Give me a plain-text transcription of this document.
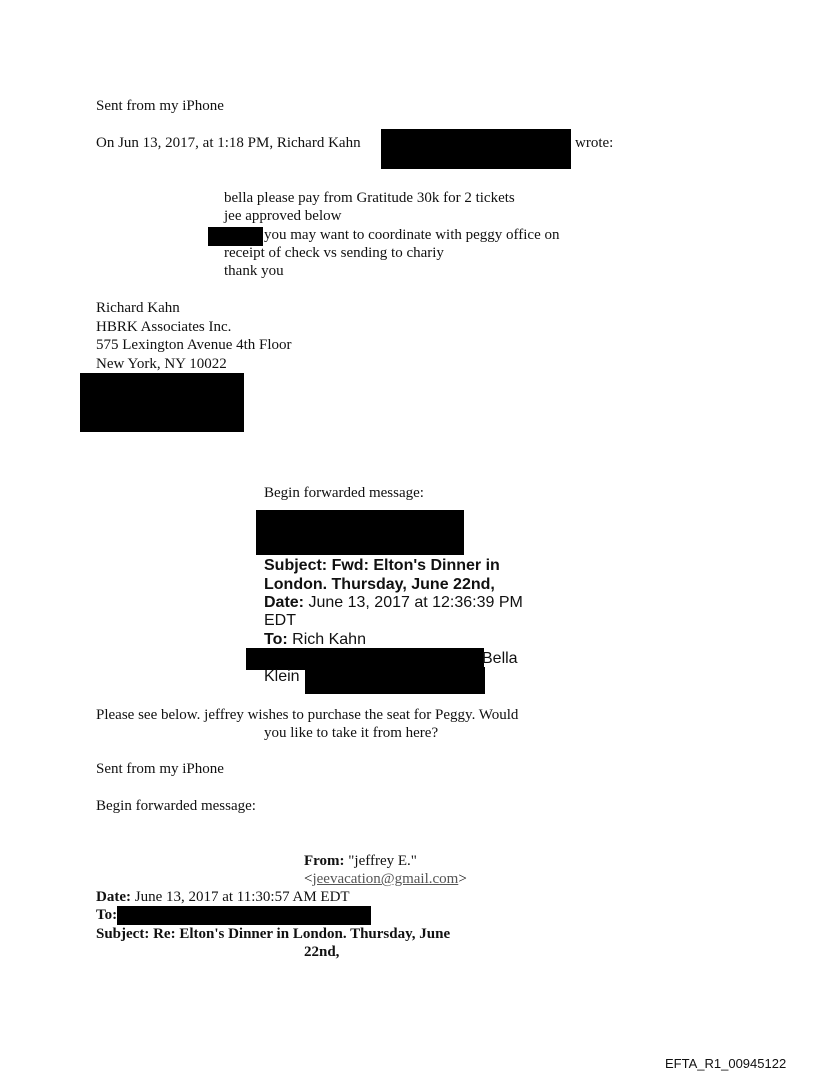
Sent from my iPhone
On Jun 13, 2017, at 1:18 PM, Richard Kahn	wrote:
bella please pay from Gratitude 30k for 2 tickets
jee approved below
you may want to coordinate with peggy office on
receipt of check vs sending to chariy
thank you
Richard Kahn
HBRK Associates Inc.
575 Lexington Avenue 4th Floor
New York, NY 10022
Begin forwarded message:
Subject: Fwd: Elton's Dinner in
London. Thursday, June 22nd,
Date: June 13, 2017 at 12:36:39 PM
EDT
To: Rich Kahn
Bella
Klein
Please see below. jeffrey wishes to purchase the seat for Peggy. Would
you like to take it from here?
Sent from my iPhone
Begin forwarded message:
From: "jeffrey E."
<jeevacation@gmail.com>
Date: June 13, 2017 at 11:30:57 AM EDT
To:
Subject: Re: Elton's Dinner in London. Thursday, June
22nd,
EFTA_R1_00945122
